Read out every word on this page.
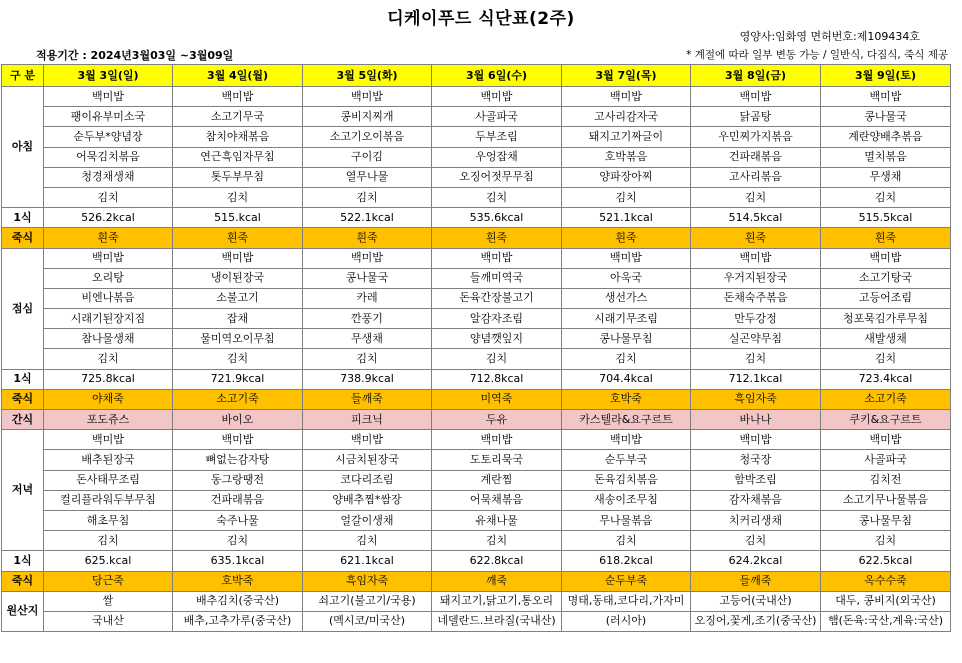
디케이푸드 식단표(2주)
영양사:임화영 면허번호:제109434호
적용기간 : 2024년3월03일 ~3월09일	* 계절에 따라 일부 변동 가능 / 일반식, 다짐식, 죽식 제공
구 분	3월 3일(일)	3월 4일(월)	3월 5일(화)	3월 6일(수)	3월 7일(목)	3월 8일(금)	3월 9일(토)
아침	백미밥	백미밥	백미밥	백미밥	백미밥	백미밥	백미밥
	팽이유부미소국	소고기무국	콩비지찌개	사골파국	고사리감자국	닭곰탕	콩나물국
	순두부*양념장	참치야채볶음	소고기오이볶음	두부조림	돼지고기짜글이	우민찌가지볶음	계란양배추볶음
	어묵김치볶음	연근흑임자무침	구이김	우엉잡채	호박볶음	건파래볶음	멸치볶음
	청경채생채	톳두부무침	열무나물	오징어젓무무침	양파장아찌	고사리볶음	무생채
	김치	김치	김치	김치	김치	김치	김치
1식	526.2kcal	515.kcal	522.1kcal	535.6kcal	521.1kcal	514.5kcal	515.5kcal
죽식	흰죽	흰죽	흰죽	흰죽	흰죽	흰죽	흰죽
점심	백미밥	백미밥	백미밥	백미밥	백미밥	백미밥	백미밥
	오리탕	냉이된장국	콩나물국	들깨미역국	아욱국	우거지된장국	소고기탕국
	비엔나볶음	소불고기	카레	돈육간장불고기	생선가스	돈채숙주볶음	고등어조림
	시래기된장지짐	잡채	깐풍기	알감자조림	시래기무조림	만두강정	청포묵김가루무침
	참나물생채	물미역오이무침	무생채	양념깻잎지	콩나물무침	실곤약무침	새발생채
	김치	김치	김치	김치	김치	김치	김치
1식	725.8kcal	721.9kcal	738.9kcal	712.8kcal	704.4kcal	712.1kcal	723.4kcal
죽식	야채죽	소고기죽	들깨죽	미역죽	호박죽	흑임자죽	소고기죽
간식	포도쥬스	바이오	피크닉	두유	카스텔라&요구르트	바나나	쿠키&요구르트
저녁	백미밥	백미밥	백미밥	백미밥	백미밥	백미밥	백미밥
	배추된장국	뼈없는감자탕	시금치된장국	도토리묵국	순두부국	청국장	사골파국
	돈사태무조림	동그랑땡전	코다리조림	계란찜	돈육김치볶음	함박조림	김치전
	컬리플라워두부무침	건파래볶음	양배추찜*쌈장	어묵채볶음	새송이조무침	감자채볶음	소고기무나물볶음
	해초무침	숙주나물	얼갈이생채	유채나물	무나물볶음	치커리생채	콩나물무침
	김치	김치	김치	김치	김치	김치	김치
1식	625.kcal	635.1kcal	621.1kcal	622.8kcal	618.2kcal	624.2kcal	622.5kcal
죽식	당근죽	호박죽	흑임자죽	깨죽	순두부죽	들깨죽	옥수수죽
원산지	쌀	배추김치(중국산)	쇠고기(불고기/국용)	돼지고기,닭고기,통오리	명태,동태,코다리,가자미	고등어(국내산)	대두, 콩비지(외국산)
	국내산	배추,고추가루(중국산)	(멕시코/미국산)	네델란드.브라질(국내산)	(러시아)	오징어,꽃게,조기(중국산)	햄(돈육:국산,계육:국산)
